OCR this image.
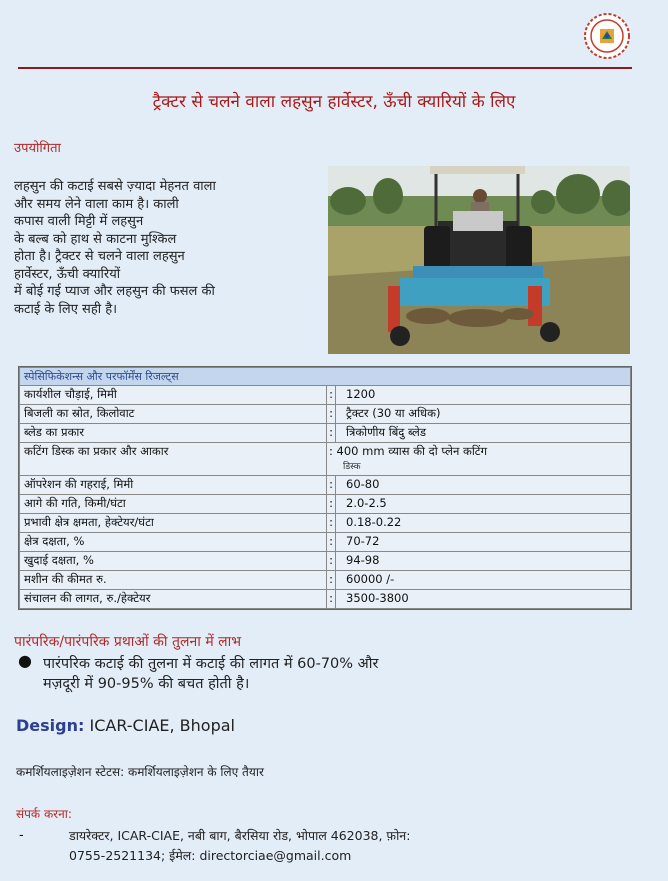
ट्रैक्टर से चलने वाला लहसुन हार्वेस्टर, ऊँची क्यारियों के लिए
उपयोगिता
लहसुन की कटाई सबसे ज़्यादा मेहनत वाला
और समय लेने वाला काम है। काली
कपास वाली मिट्टी में लहसुन
के बल्ब को हाथ से काटना मुश्किल
होता है। ट्रैक्टर से चलने वाला लहसुन
हार्वेस्टर, ऊँची क्यारियों
में बोई गई प्याज और लहसुन की फसल की
कटाई के लिए सही है।
स्पेसिफिकेशन्स और परफॉर्मेंस रिजल्ट्स		
कार्यशील चौड़ाई, मिमी	:	1200
बिजली का स्रोत, किलोवाट	:	ट्रैक्टर (30 या अधिक)
ब्लेड का प्रकार	:	त्रिकोणीय बिंदु ब्लेड
कटिंग डिस्क का प्रकार और आकार	: 400 mm व्यास की दो प्लेन कटिंग
डिस्क	

ऑपरेशन की गहराई, मिमी	:	60-80
आगे की गति, किमी/घंटा	:	2.0-2.5
प्रभावी क्षेत्र क्षमता, हेक्टेयर/घंटा	:	0.18-0.22
क्षेत्र दक्षता, %	:	70-72
खुदाई दक्षता, %	:	94-98
मशीन की कीमत रु.	:	60000 /-
संचालन की लागत, रु./हेक्टेयर	:	3500-3800
पारंपरिक/पारंपरिक प्रथाओं की तुलना में लाभ
● पारंपरिक कटाई की तुलना में कटाई की लागत में 60-70% और
मज़दूरी में 90-95% की बचत होती है।
Design: ICAR-CIAE, Bhopal
कमर्शियलाइज़ेशन स्टेटस: कमर्शियलाइज़ेशन के लिए तैयार
संपर्क करना:
-	डायरेक्टर, ICAR-CIAE, नबी बाग, बैरसिया रोड, भोपाल 462038, फ़ोन:
0755-2521134; ईमेल: directorciae@gmail.com
